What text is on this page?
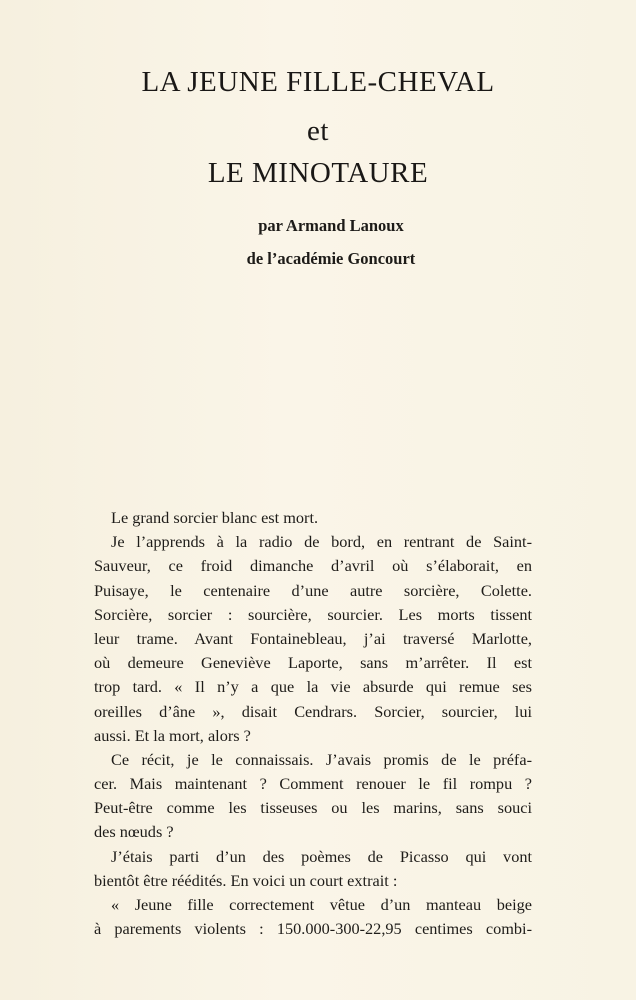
LA JEUNE FILLE-CHEVAL
et
LE MINOTAURE
par Armand Lanoux
de l’académie Goncourt
Le grand sorcier blanc est mort.
Je l’apprends à la radio de bord, en rentrant de Saint-
Sauveur, ce froid dimanche d’avril où s’élaborait, en
Puisaye, le centenaire d’une autre sorcière, Colette.
Sorcière, sorcier : sourcière, sourcier. Les morts tissent
leur trame. Avant Fontainebleau, j’ai traversé Marlotte,
où demeure Geneviève Laporte, sans m’arrêter. Il est
trop tard. « Il n’y a que la vie absurde qui remue ses
oreilles d’âne », disait Cendrars. Sorcier, sourcier, lui
aussi. Et la mort, alors ?
Ce récit, je le connaissais. J’avais promis de le préfa-
cer. Mais maintenant ? Comment renouer le fil rompu ?
Peut-être comme les tisseuses ou les marins, sans souci
des nœuds ?
J’étais parti d’un des poèmes de Picasso qui vont
bientôt être réédités. En voici un court extrait :
« Jeune fille correctement vêtue d’un manteau beige
à parements violents : 150.000-300-22,95 centimes combi-
